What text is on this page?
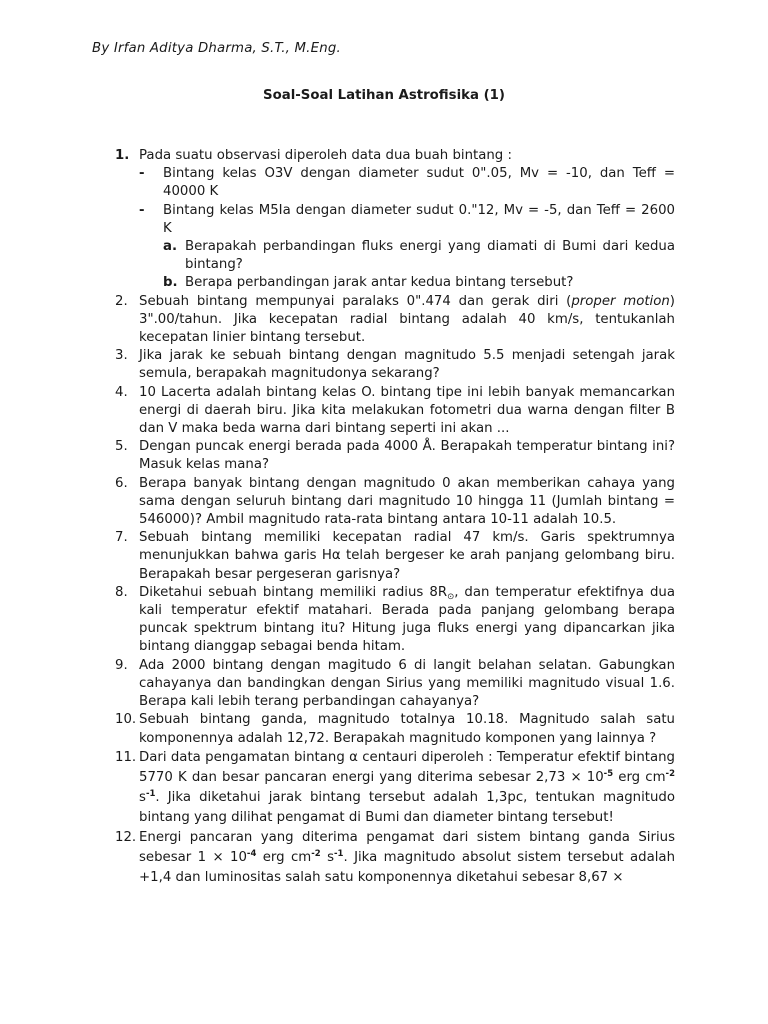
By Irfan Aditya Dharma, S.T., M.Eng.
Soal-Soal Latihan Astrofisika (1)
1. Pada suatu observasi diperoleh data dua buah bintang :
- Bintang kelas O3V dengan diameter sudut 0".05, Mv = -10, dan Teff = 40000 K
- Bintang kelas M5Ia dengan diameter sudut 0."12, Mv = -5, dan Teff = 2600 K
a. Berapakah perbandingan fluks energi yang diamati di Bumi dari kedua bintang?
b. Berapa perbandingan jarak antar kedua bintang tersebut?
2. Sebuah bintang mempunyai paralaks 0".474 dan gerak diri (proper motion) 3".00/tahun. Jika kecepatan radial bintang adalah 40 km/s, tentukanlah kecepatan linier bintang tersebut.
3. Jika jarak ke sebuah bintang dengan magnitudo 5.5 menjadi setengah jarak semula, berapakah magnitudonya sekarang?
4. 10 Lacerta adalah bintang kelas O. bintang tipe ini lebih banyak memancarkan energi di daerah biru. Jika kita melakukan fotometri dua warna dengan filter B dan V maka beda warna dari bintang seperti ini akan ...
5. Dengan puncak energi berada pada 4000 Å. Berapakah temperatur bintang ini? Masuk kelas mana?
6. Berapa banyak bintang dengan magnitudo 0 akan memberikan cahaya yang sama dengan seluruh bintang dari magnitudo 10 hingga 11 (Jumlah bintang = 546000)? Ambil magnitudo rata-rata bintang antara 10-11 adalah 10.5.
7. Sebuah bintang memiliki kecepatan radial 47 km/s. Garis spektrumnya menunjukkan bahwa garis Hα telah bergeser ke arah panjang gelombang biru. Berapakah besar pergeseran garisnya?
8. Diketahui sebuah bintang memiliki radius $8R_⊙$, dan temperatur efektifnya dua kali temperatur efektif matahari. Berada pada panjang gelombang berapa puncak spektrum bintang itu? Hitung juga fluks energi yang dipancarkan jika bintang dianggap sebagai benda hitam.
9. Ada 2000 bintang dengan magitudo 6 di langit belahan selatan. Gabungkan cahayanya dan bandingkan dengan Sirius yang memiliki magnitudo visual 1.6. Berapa kali lebih terang perbandingan cahayanya?
10. Sebuah bintang ganda, magnitudo totalnya 10.18. Magnitudo salah satu komponennya adalah 12,72. Berapakah magnitudo komponen yang lainnya ?
11. Dari data pengamatan bintang α centauri diperoleh : Temperatur efektif bintang 5770 K dan besar pancaran energi yang diterima sebesar $2,73 \times 10^{-5}$ erg $cm^{-2}$ $s^{-1}$. Jika diketahui jarak bintang tersebut adalah 1,3pc, tentukan magnitudo bintang yang dilihat pengamat di Bumi dan diameter bintang tersebut!
12. Energi pancaran yang diterima pengamat dari sistem bintang ganda Sirius sebesar $1 \times 10^{-4}$ erg $cm^{-2}$ $s^{-1}$. Jika magnitudo absolut sistem tersebut adalah +1,4 dan luminositas salah satu komponennya diketahui sebesar 8,67 ×
